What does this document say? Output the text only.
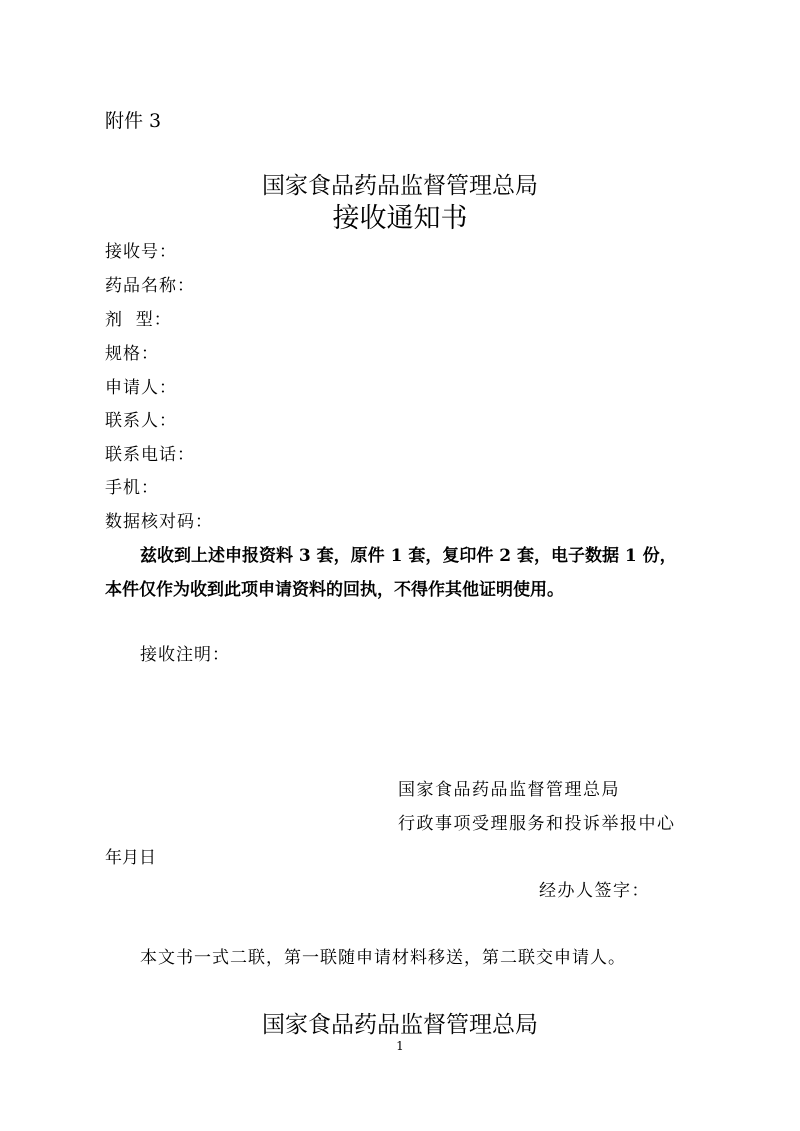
附件 3
国家食品药品监督管理总局
接收通知书
接收号：
药品名称：
剂  型：
规格：
申请人：
联系人：
联系电话：
手机：
数据核对码：
兹收到上述申报资料 3 套，原件 1 套，复印件 2 套，电子数据 1 份，
本件仅作为收到此项申请资料的回执，不得作其他证明使用。
接收注明：
国家食品药品监督管理总局
行政事项受理服务和投诉举报中心
年月日
经办人签字：
本文书一式二联，第一联随申请材料移送，第二联交申请人。
国家食品药品监督管理总局
1
